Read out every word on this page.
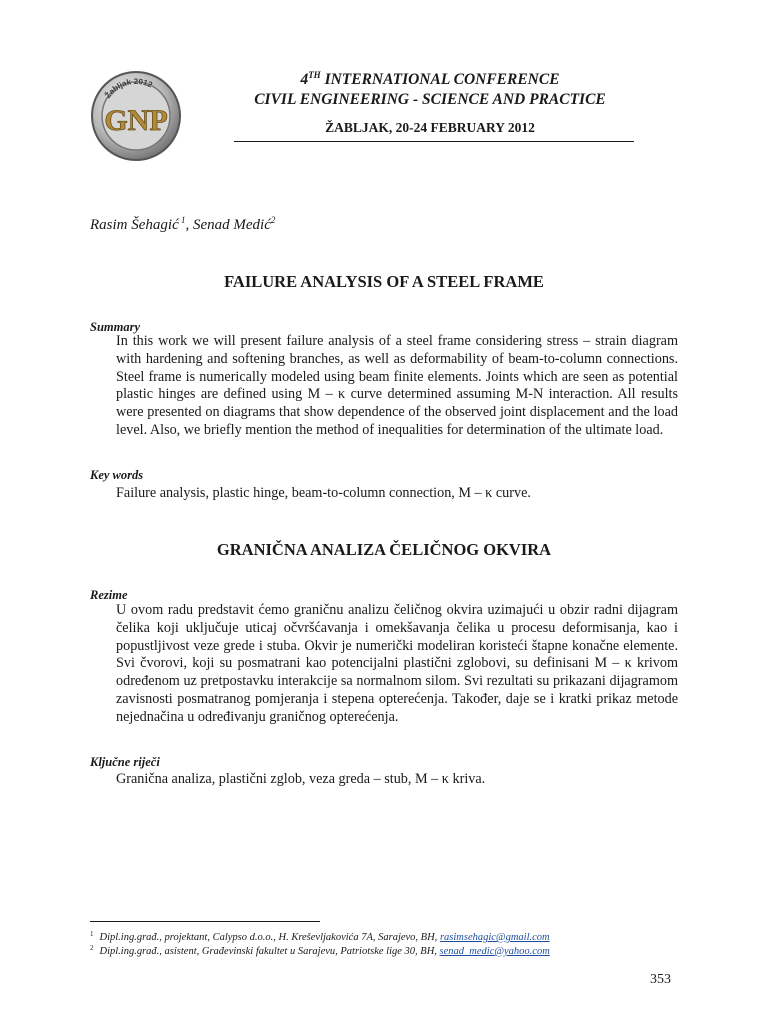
Žabljak 2012
GNP
4TH INTERNATIONAL CONFERENCE
CIVIL ENGINEERING - SCIENCE AND PRACTICE
ŽABLJAK, 20-24 FEBRUARY 2012
Rasim Šehagić $^1$, Senad Medić$^2$
FAILURE ANALYSIS OF A STEEL FRAME
Summary
In this work we will present failure analysis of a steel frame considering stress – strain diagram with hardening and softening branches, as well as deformability of beam-to-column connections. Steel frame is numerically modeled using beam finite elements. Joints which are seen as potential plastic hinges are defined using M – κ curve determined assuming M-N interaction. All results were presented on diagrams that show dependence of the observed joint displacement and the load level. Also, we briefly mention the method of inequalities for determination of the ultimate load.
Key words
Failure analysis, plastic hinge, beam-to-column connection, M – κ curve.
GRANIČNA ANALIZA ČELIČNOG OKVIRA
Rezime
U ovom radu predstavit ćemo graničnu analizu čeličnog okvira uzimajući u obzir radni dijagram čelika koji uključuje uticaj očvršćavanja i omekšavanja čelika u procesu deformisanja, kao i popustljivost veze grede i stuba. Okvir je numerički modeliran koristeći štapne konačne elemente. Svi čvorovi, koji su posmatrani kao potencijalni plastični zglobovi, su definisani M – κ krivom određenom uz pretpostavku interakcije sa normalnom silom. Svi rezultati su prikazani dijagramom zavisnosti posmatranog pomjeranja i stepena opterećenja. Također, daje se i kratki prikaz metode nejednačina u određivanju graničnog opterećenja.
Ključne riječi
Granična analiza, plastični zglob, veza greda – stub, M – κ kriva.
$^1$ Dipl.ing.građ., projektant, Calypso d.o.o., H. Kreševljakovića 7A, Sarajevo, BH, rasimsehagic@gmail.com
$^2$ Dipl.ing.građ., asistent, Građevinski fakultet u Sarajevu, Patriotske lige 30, BH, senad_medic@yahoo.com
353
